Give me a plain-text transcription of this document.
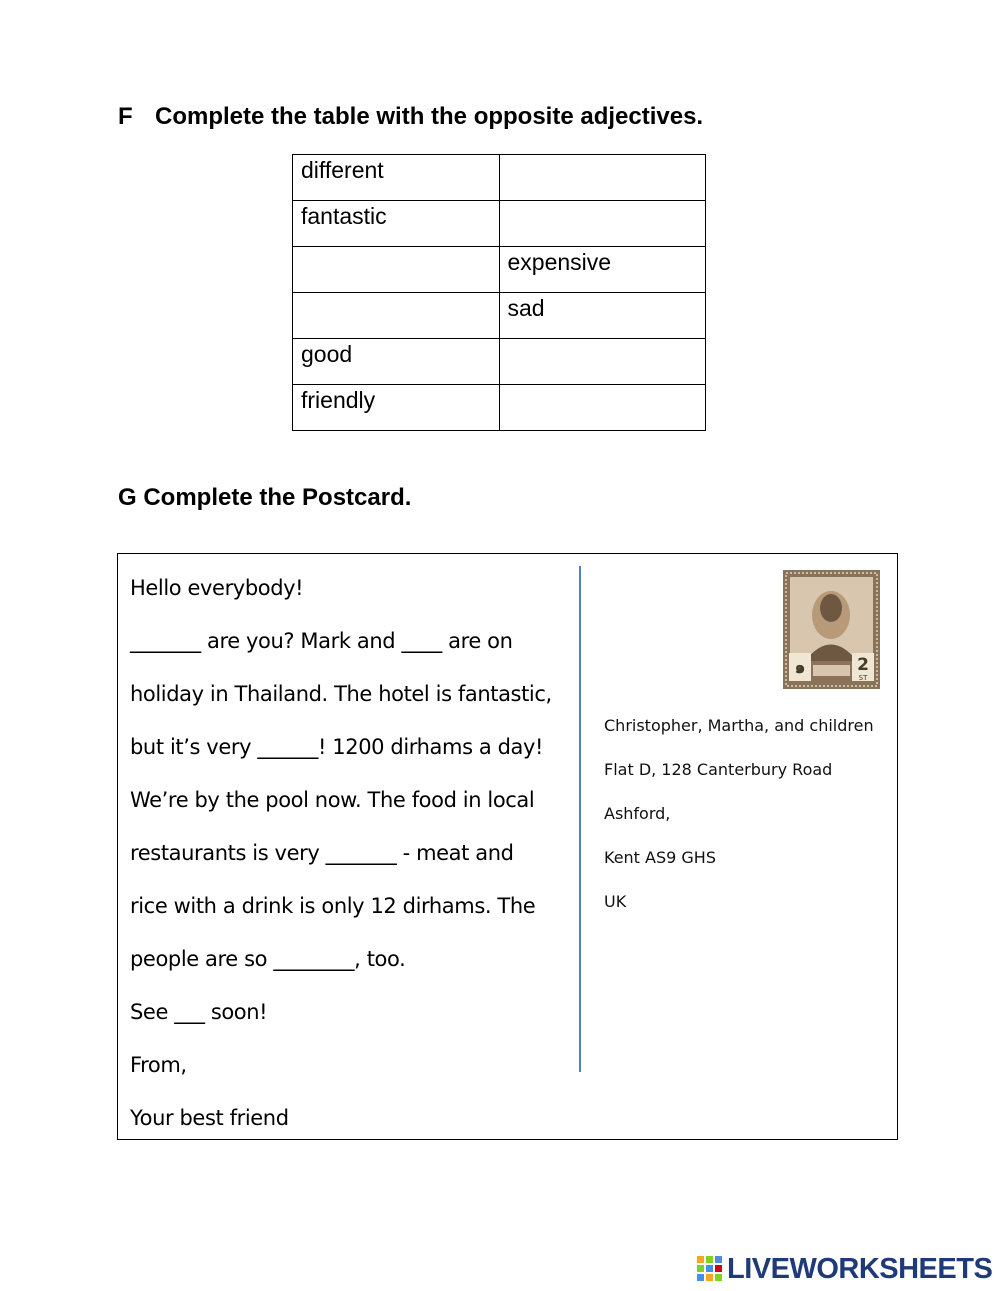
F Complete the table with the opposite adjectives.
different	
fantastic	
	expensive
	sad
good	
friendly	
G Complete the Postcard.
Hello everybody!
_______ are you? Mark and ____ are on
holiday in Thailand. The hotel is fantastic,
but it’s very ______! 1200 dirhams a day!
We’re by the pool now. The food in local
restaurants is very _______ - meat and
rice with a drink is only 12 dirhams. The
people are so ________, too.
See ___ soon!
From,
Your best friend
๑	2
ST
Christopher, Martha, and children
Flat D, 128 Canterbury Road
Ashford,
Kent AS9 GHS
UK
LIVEWORKSHEETS
